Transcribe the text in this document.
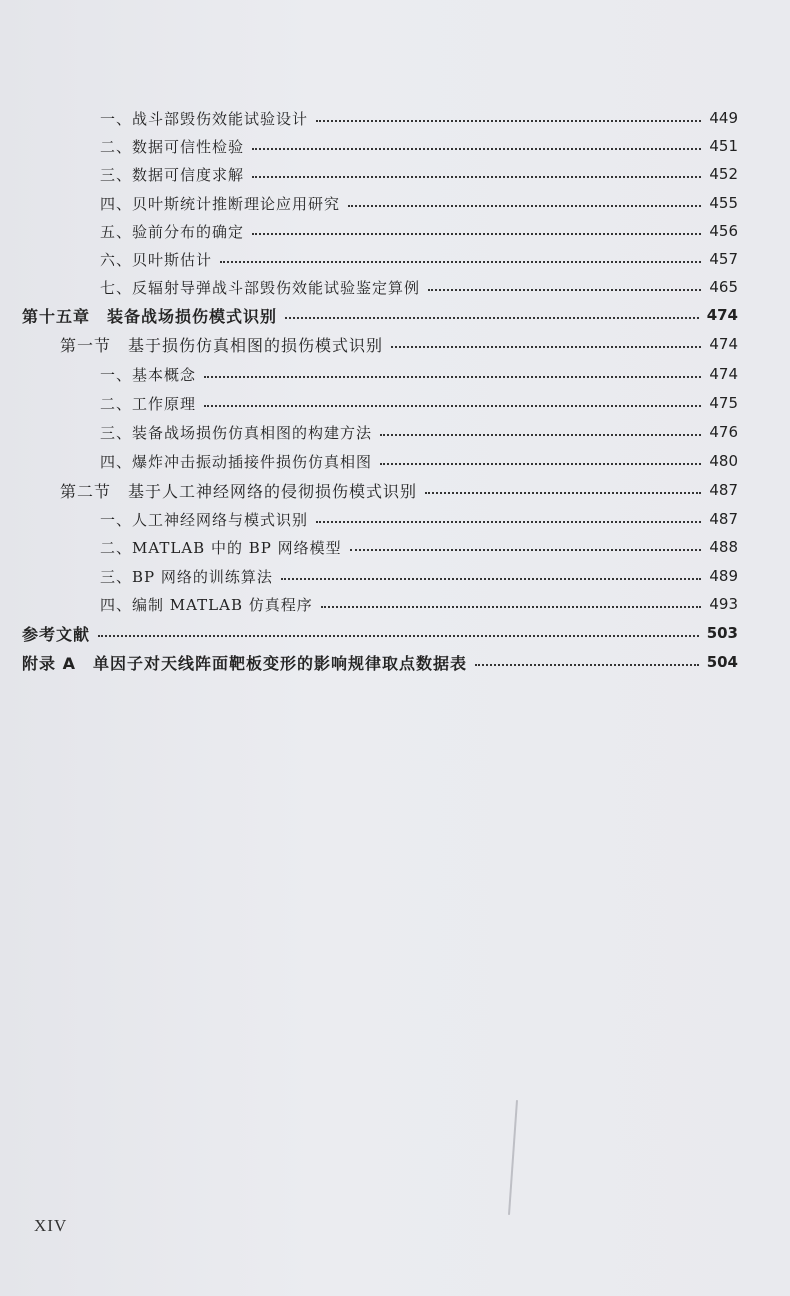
一、战斗部毁伤效能试验设计	449
二、数据可信性检验	451
三、数据可信度求解	452
四、贝叶斯统计推断理论应用研究	455
五、验前分布的确定	456
六、贝叶斯估计	457
七、反辐射导弹战斗部毁伤效能试验鉴定算例	465
第十五章　装备战场损伤模式识别	474
第一节　基于损伤仿真相图的损伤模式识别	474
一、基本概念	474
二、工作原理	475
三、装备战场损伤仿真相图的构建方法	476
四、爆炸冲击振动插接件损伤仿真相图	480
第二节　基于人工神经网络的侵彻损伤模式识别	487
一、人工神经网络与模式识别	487
二、MATLAB 中的 BP 网络模型	488
三、BP 网络的训练算法	489
四、编制 MATLAB 仿真程序	493
参考文献	503
附录 A　单因子对天线阵面靶板变形的影响规律取点数据表	504
XIV
